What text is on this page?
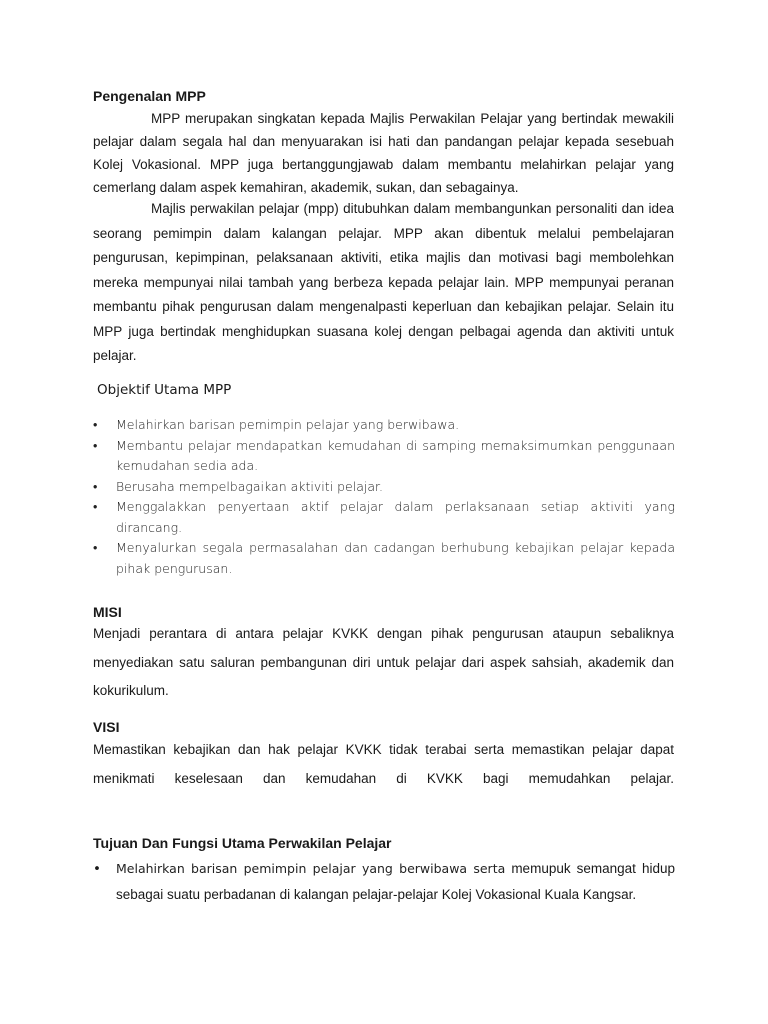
Pengenalan MPP

MPP merupakan singkatan kepada Majlis Perwakilan Pelajar yang bertindak mewakili pelajar dalam segala hal dan menyuarakan isi hati dan pandangan pelajar kepada sesebuah Kolej Vokasional. MPP juga bertanggungjawab dalam membantu melahirkan pelajar yang cemerlang dalam aspek kemahiran, akademik, sukan, dan sebagainya.

Majlis perwakilan pelajar (mpp) ditubuhkan dalam membangunkan personaliti dan idea seorang pemimpin dalam kalangan pelajar. MPP akan dibentuk melalui pembelajaran pengurusan, kepimpinan, pelaksanaan aktiviti, etika majlis dan motivasi bagi membolehkan mereka mempunyai nilai tambah yang berbeza kepada pelajar lain. MPP mempunyai peranan membantu pihak pengurusan dalam mengenalpasti keperluan dan kebajikan pelajar. Selain itu MPP juga bertindak menghidupkan suasana kolej dengan pelbagai agenda dan aktiviti untuk pelajar.

Objektif Utama MPP
• Melahirkan barisan pemimpin pelajar yang berwibawa.
• Membantu pelajar mendapatkan kemudahan di samping memaksimumkan penggunaan kemudahan sedia ada.
• Berusaha mempelbagaikan aktiviti pelajar.
• Menggalakkan penyertaan aktif pelajar dalam perlaksanaan setiap aktiviti yang dirancang.
• Menyalurkan segala permasalahan dan cadangan berhubung kebajikan pelajar kepada pihak pengurusan.
MISI

Menjadi perantara di antara pelajar KVKK dengan pihak pengurusan ataupun sebaliknya menyediakan satu saluran pembangunan diri untuk pelajar dari aspek sahsiah, akademik dan kokurikulum.

VISI

Memastikan kebajikan dan hak pelajar KVKK tidak terabai serta memastikan pelajar dapat menikmati keselesaan dan kemudahan di KVKK bagi memudahkan pelajar.

Tujuan Dan Fungsi Utama Perwakilan Pelajar
• Melahirkan barisan pemimpin pelajar yang berwibawa serta memupuk semangat hidup sebagai suatu perbadanan di kalangan pelajar-pelajar Kolej Vokasional Kuala Kangsar.
